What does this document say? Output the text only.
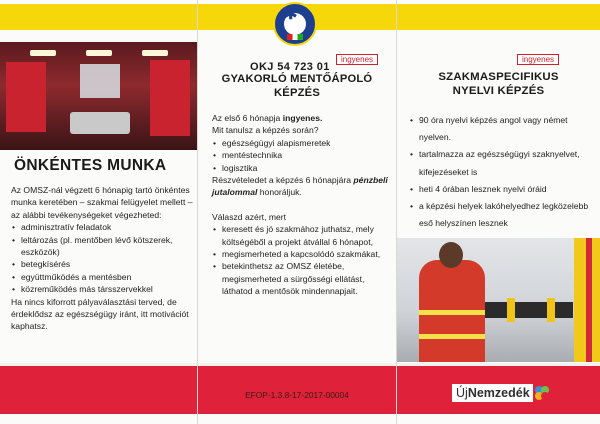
ÖNKÉNTES MUNKA

Az OMSZ-nál végzett 6 hónapig tartó önkéntes munka keretében – szakmai felügyelet mellett – az alábbi tevékenységeket végezheted:

• adminisztratív feladatok
• leltározás (pl. mentőben lévő kötszerek, eszközök)
• betegkísérés
• együttműködés a mentésben
• közreműködés más társszervekkel

Ha nincs kiforrott pályaválasztási terved, de érdeklődsz az egészségügy iránt, itt motivációt kaphatsz.

✱
ingyenes
OKJ 54 723 01
GYAKORLÓ MENTŐÁPOLÓ
KÉPZÉS

Az első 6 hónapja ingyenes.

Mit tanulsz a képzés során?

• egészségügyi alapismeretek
• mentéstechnika
• logisztika

Részvételedet a képzés 6 hónapjára pénzbeli jutalommal honoráljuk.

Válaszd azért, mert

• keresett és jó szakmához juthatsz, mely költségéből a projekt átvállal 6 hónapot,
• megismerheted a kapcsolódó szakmákat,
• betekinthetsz az OMSZ életébe, megismerheted a sürgősségi ellátást, láthatod a mentősök mindennapjait.
EFOP-1.3.8-17-2017-00004
ingyenes
SZAKMASPECIFIKUS
NYELVI KÉPZÉS
• 90 óra nyelvi képzés angol vagy német nyelven.
• tartalmazza az egészségügyi szaknyelvet, kifejezéseket is
• heti 4 órában lesznek nyelvi óráid
• a képzési helyek lakóhelyedhez legközelebb eső helyszínen lesznek
ÚjNemzedék
